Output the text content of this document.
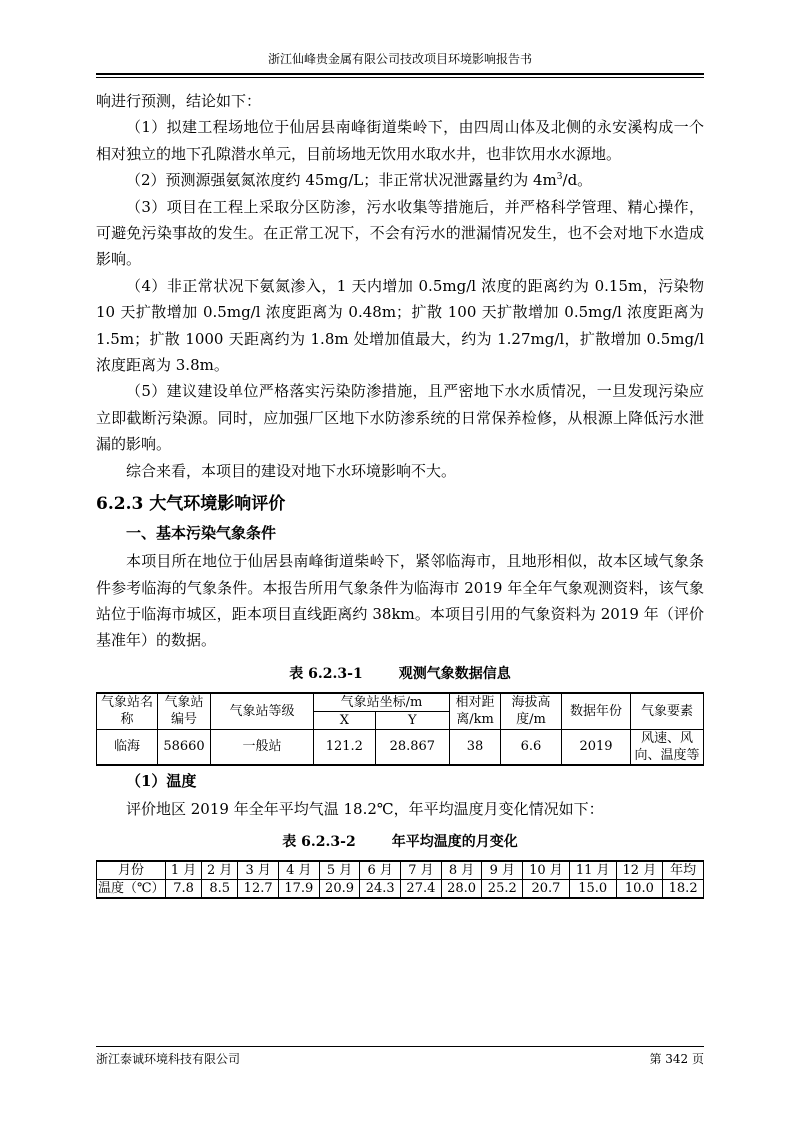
浙江仙峰贵金属有限公司技改项目环境影响报告书

响进行预测，结论如下：

（1）拟建工程场地位于仙居县南峰街道柴岭下，由四周山体及北侧的永安溪构成一个相对独立的地下孔隙潜水单元，目前场地无饮用水取水井，也非饮用水水源地。

（2）预测源强氨氮浓度约 45mg/L；非正常状况泄露量约为 $4m^3/d$。

（3）项目在工程上采取分区防渗，污水收集等措施后，并严格科学管理、精心操作，可避免污染事故的发生。在正常工况下，不会有污水的泄漏情况发生，也不会对地下水造成影响。

（4）非正常状况下氨氮渗入，1 天内增加 0.5mg/l 浓度的距离约为 0.15m，污染物 10 天扩散增加 0.5mg/l 浓度距离为 0.48m；扩散 100 天扩散增加 0.5mg/l 浓度距离为 1.5m；扩散 1000 天距离约为 1.8m 处增加值最大，约为 1.27mg/l，扩散增加 0.5mg/l 浓度距离为 3.8m。

（5）建议建设单位严格落实污染防渗措施，且严密地下水水质情况，一旦发现污染应立即截断污染源。同时，应加强厂区地下水防渗系统的日常保养检修，从根源上降低污水泄漏的影响。

综合来看，本项目的建设对地下水环境影响不大。

6.2.3 大气环境影响评价
一、基本污染气象条件

本项目所在地位于仙居县南峰街道柴岭下，紧邻临海市，且地形相似，故本区域气象条件参考临海的气象条件。本报告所用气象条件为临海市 2019 年全年气象观测资料，该气象站位于临海市城区，距本项目直线距离约 38km。本项目引用的气象资料为 2019 年（评价基准年）的数据。

表 6.2.3-1	观测气象数据信息
气象站名称	气象站编号	气象站等级	气象站坐标/m		相对距离/km	海拔高度/m	数据年份	气象要素
			X	Y				
临海	58660	一般站	121.2	28.867	38	6.6	2019	风速、风向、温度等
（1）温度

评价地区 2019 年全年平均气温 18.2℃，年平均温度月变化情况如下：

表 6.2.3-2	年平均温度的月变化
月份	1 月	2 月	3 月	4 月	5 月	6 月	7 月	8 月	9 月	10 月	11 月	12 月	年均
温度（℃）	7.8	8.5	12.7	17.9	20.9	24.3	27.4	28.0	25.2	20.7	15.0	10.0	18.2
浙江泰诚环境科技有限公司	第 342 页
